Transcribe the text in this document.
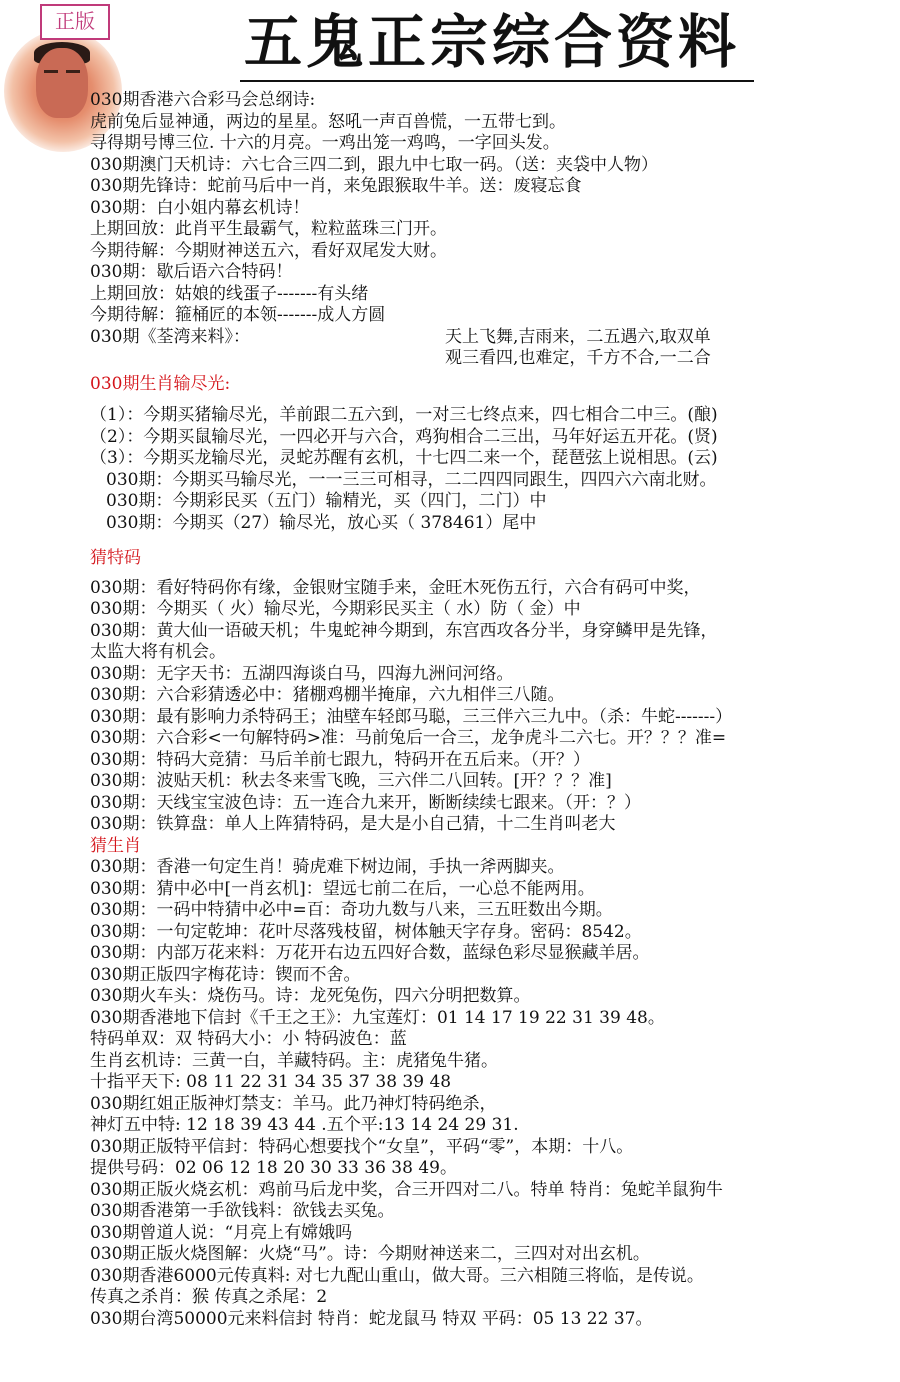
正版	五鬼正宗综合资料
030期香港六合彩马会总纲诗:
虎前兔后显神通，两边的星星。怒吼一声百兽慌，一五带七到。
寻得期号博三位. 十六的月亮。一鸡出笼一鸡鸣，一字回头发。
030期澳门天机诗：六七合三四二到，跟九中七取一码。（送：夹袋中人物）
030期先锋诗：蛇前马后中一肖，来兔跟猴取牛羊。送：废寝忘食
030期：白小姐内幕玄机诗！
上期回放：此肖平生最霸气，粒粒蓝珠三门开。
今期待解：今期财神送五六，看好双尾发大财。
030期：歇后语六合特码！
上期回放：姑娘的线蛋子-------有头绪
今期待解：箍桶匠的本领-------成人方圆
030期《荃湾来料》：	天上飞舞,吉雨来，二五遇六,取双单
观三看四,也难定，千方不合,一二合
030期生肖输尽光:
（1）：今期买猪输尽光，羊前跟二五六到，一对三七终点来，四七相合二中三。(酿)
（2）：今期买鼠输尽光，一四必开与六合，鸡狗相合二三出，马年好运五开花。(贤)
（3）：今期买龙输尽光，灵蛇苏醒有玄机，十七四二来一个，琵琶弦上说相思。(云)
030期：今期买马输尽光，一一三三可相寻，二二四四同跟生，四四六六南北财。
030期：今期彩民买（五门）输精光，买（四门，二门）中
030期：今期买（27）输尽光，放心买（ 378461）尾中
猜特码
030期：看好特码你有缘，金银财宝随手来，金旺木死伤五行，六合有码可中奖，
030期：今期买（ 火）输尽光，今期彩民买主（ 水）防（ 金）中
030期：黄大仙一语破天机；牛鬼蛇神今期到，东宫西攻各分半，身穿鳞甲是先锋，
太监大将有机会。
030期：无字天书：五湖四海谈白马，四海九洲问河络。
030期：六合彩猜透必中：猪棚鸡棚半掩扉，六九相伴三八随。
030期：最有影响力杀特码王；油壁车轻郎马聪，三三伴六三九中。（杀：牛蛇-------）
030期：六合彩<一句解特码>准：马前兔后一合三，龙争虎斗二六七。开？？？准=
030期：特码大竞猜：马后羊前七跟九，特码开在五后来。（开？）
030期：波贴天机：秋去冬来雪飞晚，三六伴二八回转。[开？？？准]
030期：天线宝宝波色诗：五一连合九来开，断断续续七跟来。（开：？）
030期：铁算盘：单人上阵猜特码，是大是小自己猜，十二生肖叫老大
猜生肖
030期：香港一句定生肖！骑虎难下树边闹，手执一斧两脚夹。
030期：猜中必中[一肖玄机]：望远七前二在后，一心总不能两用。
030期：一码中特猜中必中=百：奇功九数与八来，三五旺数出今期。
030期：一句定乾坤：花叶尽落残枝留，树体触天字存身。密码：8542。
030期：内部万花来料：万花开右边五四好合数，蓝绿色彩尽显猴藏羊居。
030期正版四字梅花诗：锲而不舍。
030期火车头：烧伤马。诗：龙死兔伤，四六分明把数算。
030期香港地下信封《千王之王》：九宝莲灯：01 14 17 19 22 31 39 48。
特码单双：双 特码大小：小 特码波色：蓝
生肖玄机诗：三黄一白，羊藏特码。主：虎猪兔牛猪。
十指平天下: 08 11 22 31 34 35 37 38 39 48
030期红姐正版神灯禁支：羊马。此乃神灯特码绝杀，
神灯五中特: 12 18 39 43 44 .五个平:13 14 24 29 31.
030期正版特平信封：特码心想要找个“女皇”，平码“零”，本期：十八。
提供号码：02 06 12 18 20 30 33 36 38 49。
030期正版火烧玄机：鸡前马后龙中奖，合三开四对二八。特单 特肖：兔蛇羊鼠狗牛
030期香港第一手欲钱料：欲钱去买兔。
030期曾道人说：“月亮上有嫦娥吗
030期正版火烧图解：火烧“马”。诗：今期财神送来二，三四对对出玄机。
030期香港6000元传真料: 对七九配山重山，做大哥。三六相随三将临，是传说。
传真之杀肖：猴 传真之杀尾：2
030期台湾50000元来料信封 特肖：蛇龙鼠马 特双 平码：05 13 22 37。
